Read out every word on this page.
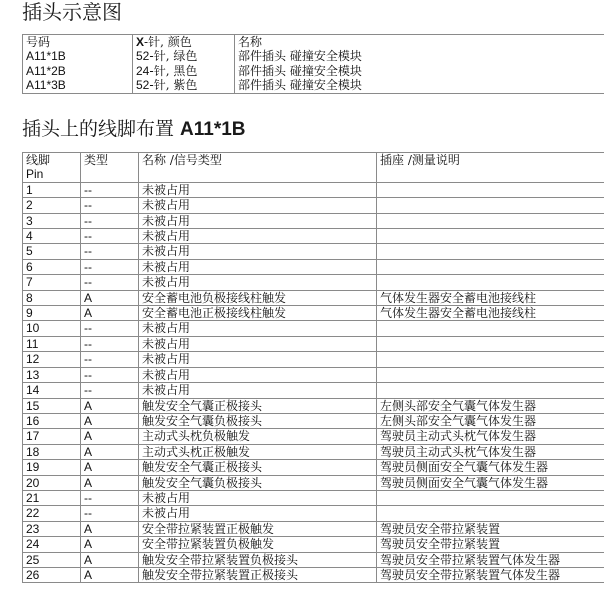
插头示意图
号码	X-针, 颜色	名称
A11*1B	52-针, 绿色	部件插头 碰撞安全模块
A11*2B	24-针, 黑色	部件插头 碰撞安全模块
A11*3B	52-针, 紫色	部件插头 碰撞安全模块
插头上的线脚布置 A11*1B
线脚
Pin	类型	名称 /信号类型	插座 /测量说明
1	--	未被占用	
2	--	未被占用	
3	--	未被占用	
4	--	未被占用	
5	--	未被占用	
6	--	未被占用	
7	--	未被占用	
8	A	安全蓄电池负极接线柱触发	气体发生器安全蓄电池接线柱
9	A	安全蓄电池正极接线柱触发	气体发生器安全蓄电池接线柱
10	--	未被占用	
11	--	未被占用	
12	--	未被占用	
13	--	未被占用	
14	--	未被占用	
15	A	触发安全气囊正极接头	左侧头部安全气囊气体发生器
16	A	触发安全气囊负极接头	左侧头部安全气囊气体发生器
17	A	主动式头枕负极触发	驾驶员主动式头枕气体发生器
18	A	主动式头枕正极触发	驾驶员主动式头枕气体发生器
19	A	触发安全气囊正极接头	驾驶员侧面安全气囊气体发生器
20	A	触发安全气囊负极接头	驾驶员侧面安全气囊气体发生器
21	--	未被占用	
22	--	未被占用	
23	A	安全带拉紧装置正极触发	驾驶员安全带拉紧装置
24	A	安全带拉紧装置负极触发	驾驶员安全带拉紧装置
25	A	触发安全带拉紧装置负极接头	驾驶员安全带拉紧装置气体发生器
26	A	触发安全带拉紧装置正极接头	驾驶员安全带拉紧装置气体发生器
